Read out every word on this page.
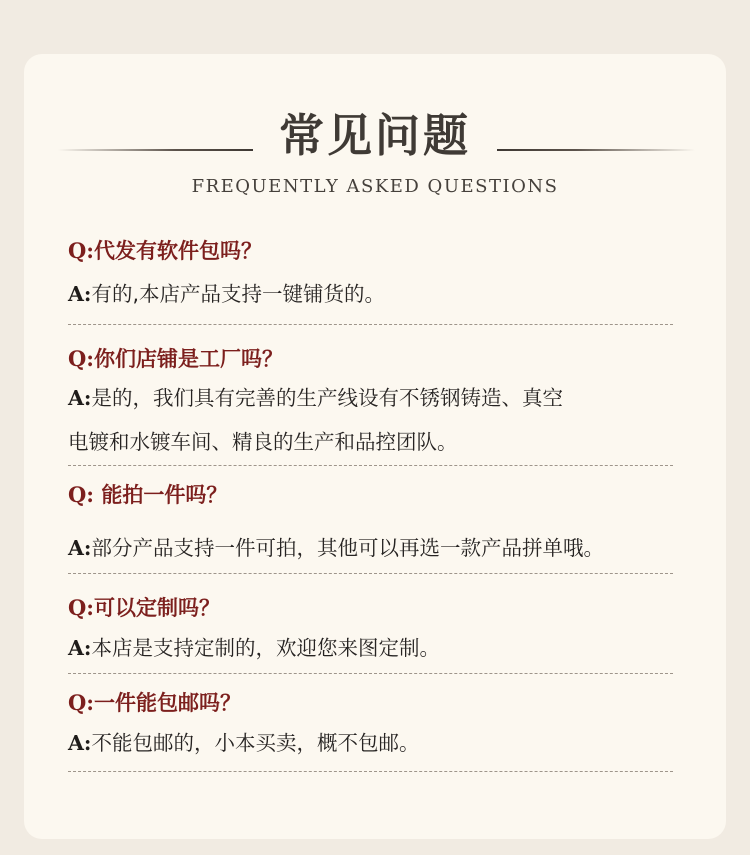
常见问题
FREQUENTLY ASKED QUESTIONS
Q:代发有软件包吗？
A:有的,本店产品支持一键铺货的。
Q:你们店铺是工厂吗？
A:是的，我们具有完善的生产线设有不锈钢铸造、真空
电镀和水镀车间、精良的生产和品控团队。
Q: 能拍一件吗？
A:部分产品支持一件可拍，其他可以再选一款产品拼单哦。
Q:可以定制吗？
A:本店是支持定制的，欢迎您来图定制。
Q:一件能包邮吗？
A:不能包邮的，小本买卖，概不包邮。
